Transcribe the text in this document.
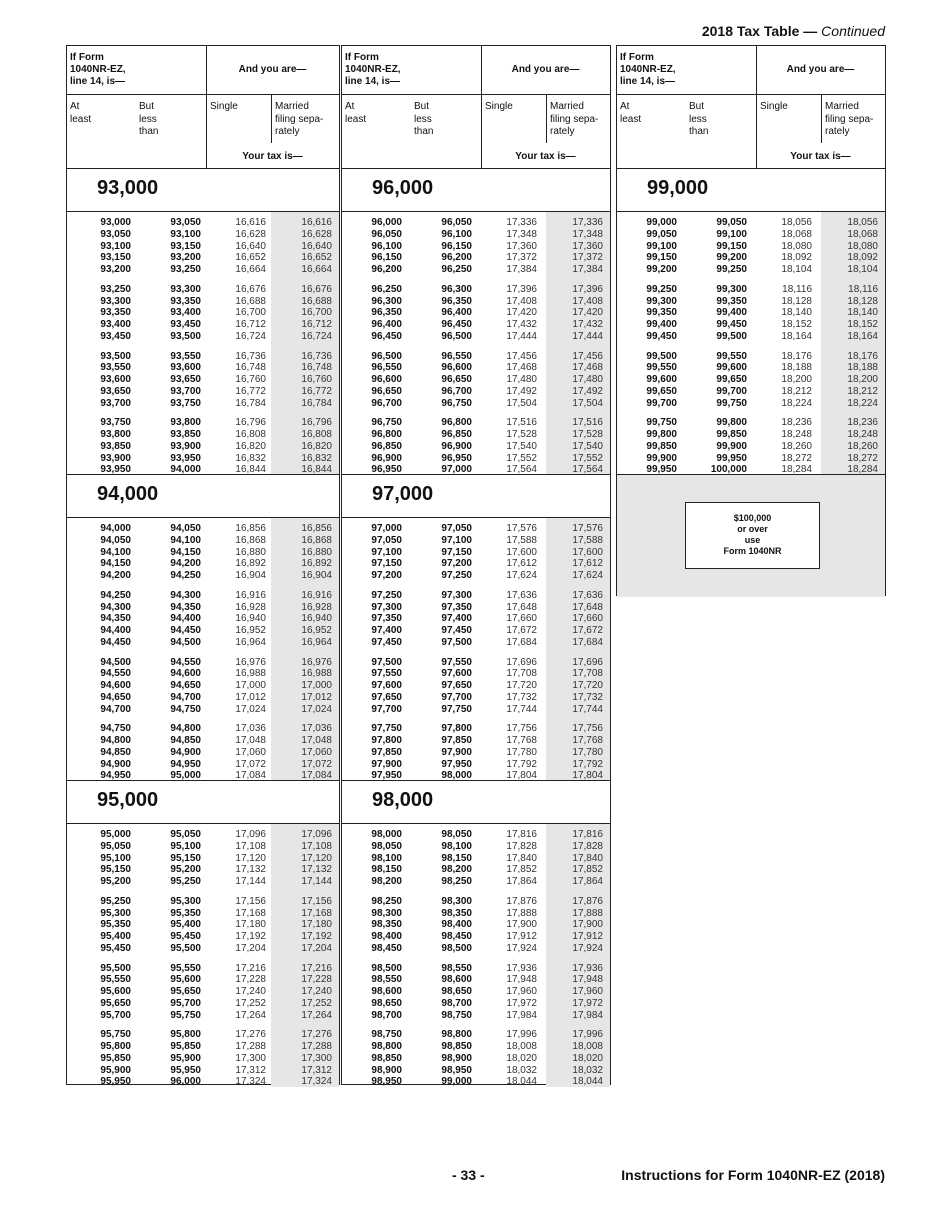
2018 Tax Table — Continued
If Form
1040NR-EZ,
line 14, is—
And you are—
At
least
But
less
than
Single	Married
filing sepa-
rately
Your tax is—
93,000
93,000	93,050	16,616	16,616
93,050	93,100	16,628	16,628
93,100	93,150	16,640	16,640
93,150	93,200	16,652	16,652
93,200	93,250	16,664	16,664
93,250	93,300	16,676	16,676
93,300	93,350	16,688	16,688
93,350	93,400	16,700	16,700
93,400	93,450	16,712	16,712
93,450	93,500	16,724	16,724
93,500	93,550	16,736	16,736
93,550	93,600	16,748	16,748
93,600	93,650	16,760	16,760
93,650	93,700	16,772	16,772
93,700	93,750	16,784	16,784
93,750	93,800	16,796	16,796
93,800	93,850	16,808	16,808
93,850	93,900	16,820	16,820
93,900	93,950	16,832	16,832
93,950	94,000	16,844	16,844
94,000
94,000	94,050	16,856	16,856
94,050	94,100	16,868	16,868
94,100	94,150	16,880	16,880
94,150	94,200	16,892	16,892
94,200	94,250	16,904	16,904
94,250	94,300	16,916	16,916
94,300	94,350	16,928	16,928
94,350	94,400	16,940	16,940
94,400	94,450	16,952	16,952
94,450	94,500	16,964	16,964
94,500	94,550	16,976	16,976
94,550	94,600	16,988	16,988
94,600	94,650	17,000	17,000
94,650	94,700	17,012	17,012
94,700	94,750	17,024	17,024
94,750	94,800	17,036	17,036
94,800	94,850	17,048	17,048
94,850	94,900	17,060	17,060
94,900	94,950	17,072	17,072
94,950	95,000	17,084	17,084
95,000
95,000	95,050	17,096	17,096
95,050	95,100	17,108	17,108
95,100	95,150	17,120	17,120
95,150	95,200	17,132	17,132
95,200	95,250	17,144	17,144
95,250	95,300	17,156	17,156
95,300	95,350	17,168	17,168
95,350	95,400	17,180	17,180
95,400	95,450	17,192	17,192
95,450	95,500	17,204	17,204
95,500	95,550	17,216	17,216
95,550	95,600	17,228	17,228
95,600	95,650	17,240	17,240
95,650	95,700	17,252	17,252
95,700	95,750	17,264	17,264
95,750	95,800	17,276	17,276
95,800	95,850	17,288	17,288
95,850	95,900	17,300	17,300
95,900	95,950	17,312	17,312
95,950	96,000	17,324	17,324
If Form
1040NR-EZ,
line 14, is—
And you are—
At
least
But
less
than
Single	Married
filing sepa-
rately
Your tax is—
96,000
96,000	96,050	17,336	17,336
96,050	96,100	17,348	17,348
96,100	96,150	17,360	17,360
96,150	96,200	17,372	17,372
96,200	96,250	17,384	17,384
96,250	96,300	17,396	17,396
96,300	96,350	17,408	17,408
96,350	96,400	17,420	17,420
96,400	96,450	17,432	17,432
96,450	96,500	17,444	17,444
96,500	96,550	17,456	17,456
96,550	96,600	17,468	17,468
96,600	96,650	17,480	17,480
96,650	96,700	17,492	17,492
96,700	96,750	17,504	17,504
96,750	96,800	17,516	17,516
96,800	96,850	17,528	17,528
96,850	96,900	17,540	17,540
96,900	96,950	17,552	17,552
96,950	97,000	17,564	17,564
97,000
97,000	97,050	17,576	17,576
97,050	97,100	17,588	17,588
97,100	97,150	17,600	17,600
97,150	97,200	17,612	17,612
97,200	97,250	17,624	17,624
97,250	97,300	17,636	17,636
97,300	97,350	17,648	17,648
97,350	97,400	17,660	17,660
97,400	97,450	17,672	17,672
97,450	97,500	17,684	17,684
97,500	97,550	17,696	17,696
97,550	97,600	17,708	17,708
97,600	97,650	17,720	17,720
97,650	97,700	17,732	17,732
97,700	97,750	17,744	17,744
97,750	97,800	17,756	17,756
97,800	97,850	17,768	17,768
97,850	97,900	17,780	17,780
97,900	97,950	17,792	17,792
97,950	98,000	17,804	17,804
98,000
98,000	98,050	17,816	17,816
98,050	98,100	17,828	17,828
98,100	98,150	17,840	17,840
98,150	98,200	17,852	17,852
98,200	98,250	17,864	17,864
98,250	98,300	17,876	17,876
98,300	98,350	17,888	17,888
98,350	98,400	17,900	17,900
98,400	98,450	17,912	17,912
98,450	98,500	17,924	17,924
98,500	98,550	17,936	17,936
98,550	98,600	17,948	17,948
98,600	98,650	17,960	17,960
98,650	98,700	17,972	17,972
98,700	98,750	17,984	17,984
98,750	98,800	17,996	17,996
98,800	98,850	18,008	18,008
98,850	98,900	18,020	18,020
98,900	98,950	18,032	18,032
98,950	99,000	18,044	18,044
If Form
1040NR-EZ,
line 14, is—
And you are—
At
least
But
less
than
Single	Married
filing sepa-
rately
Your tax is—
99,000
99,000	99,050	18,056	18,056
99,050	99,100	18,068	18,068
99,100	99,150	18,080	18,080
99,150	99,200	18,092	18,092
99,200	99,250	18,104	18,104
99,250	99,300	18,116	18,116
99,300	99,350	18,128	18,128
99,350	99,400	18,140	18,140
99,400	99,450	18,152	18,152
99,450	99,500	18,164	18,164
99,500	99,550	18,176	18,176
99,550	99,600	18,188	18,188
99,600	99,650	18,200	18,200
99,650	99,700	18,212	18,212
99,700	99,750	18,224	18,224
99,750	99,800	18,236	18,236
99,800	99,850	18,248	18,248
99,850	99,900	18,260	18,260
99,900	99,950	18,272	18,272
99,950	100,000	18,284	18,284
$100,000
or over
use
Form 1040NR
- 33 -	Instructions for Form 1040NR-EZ (2018)
